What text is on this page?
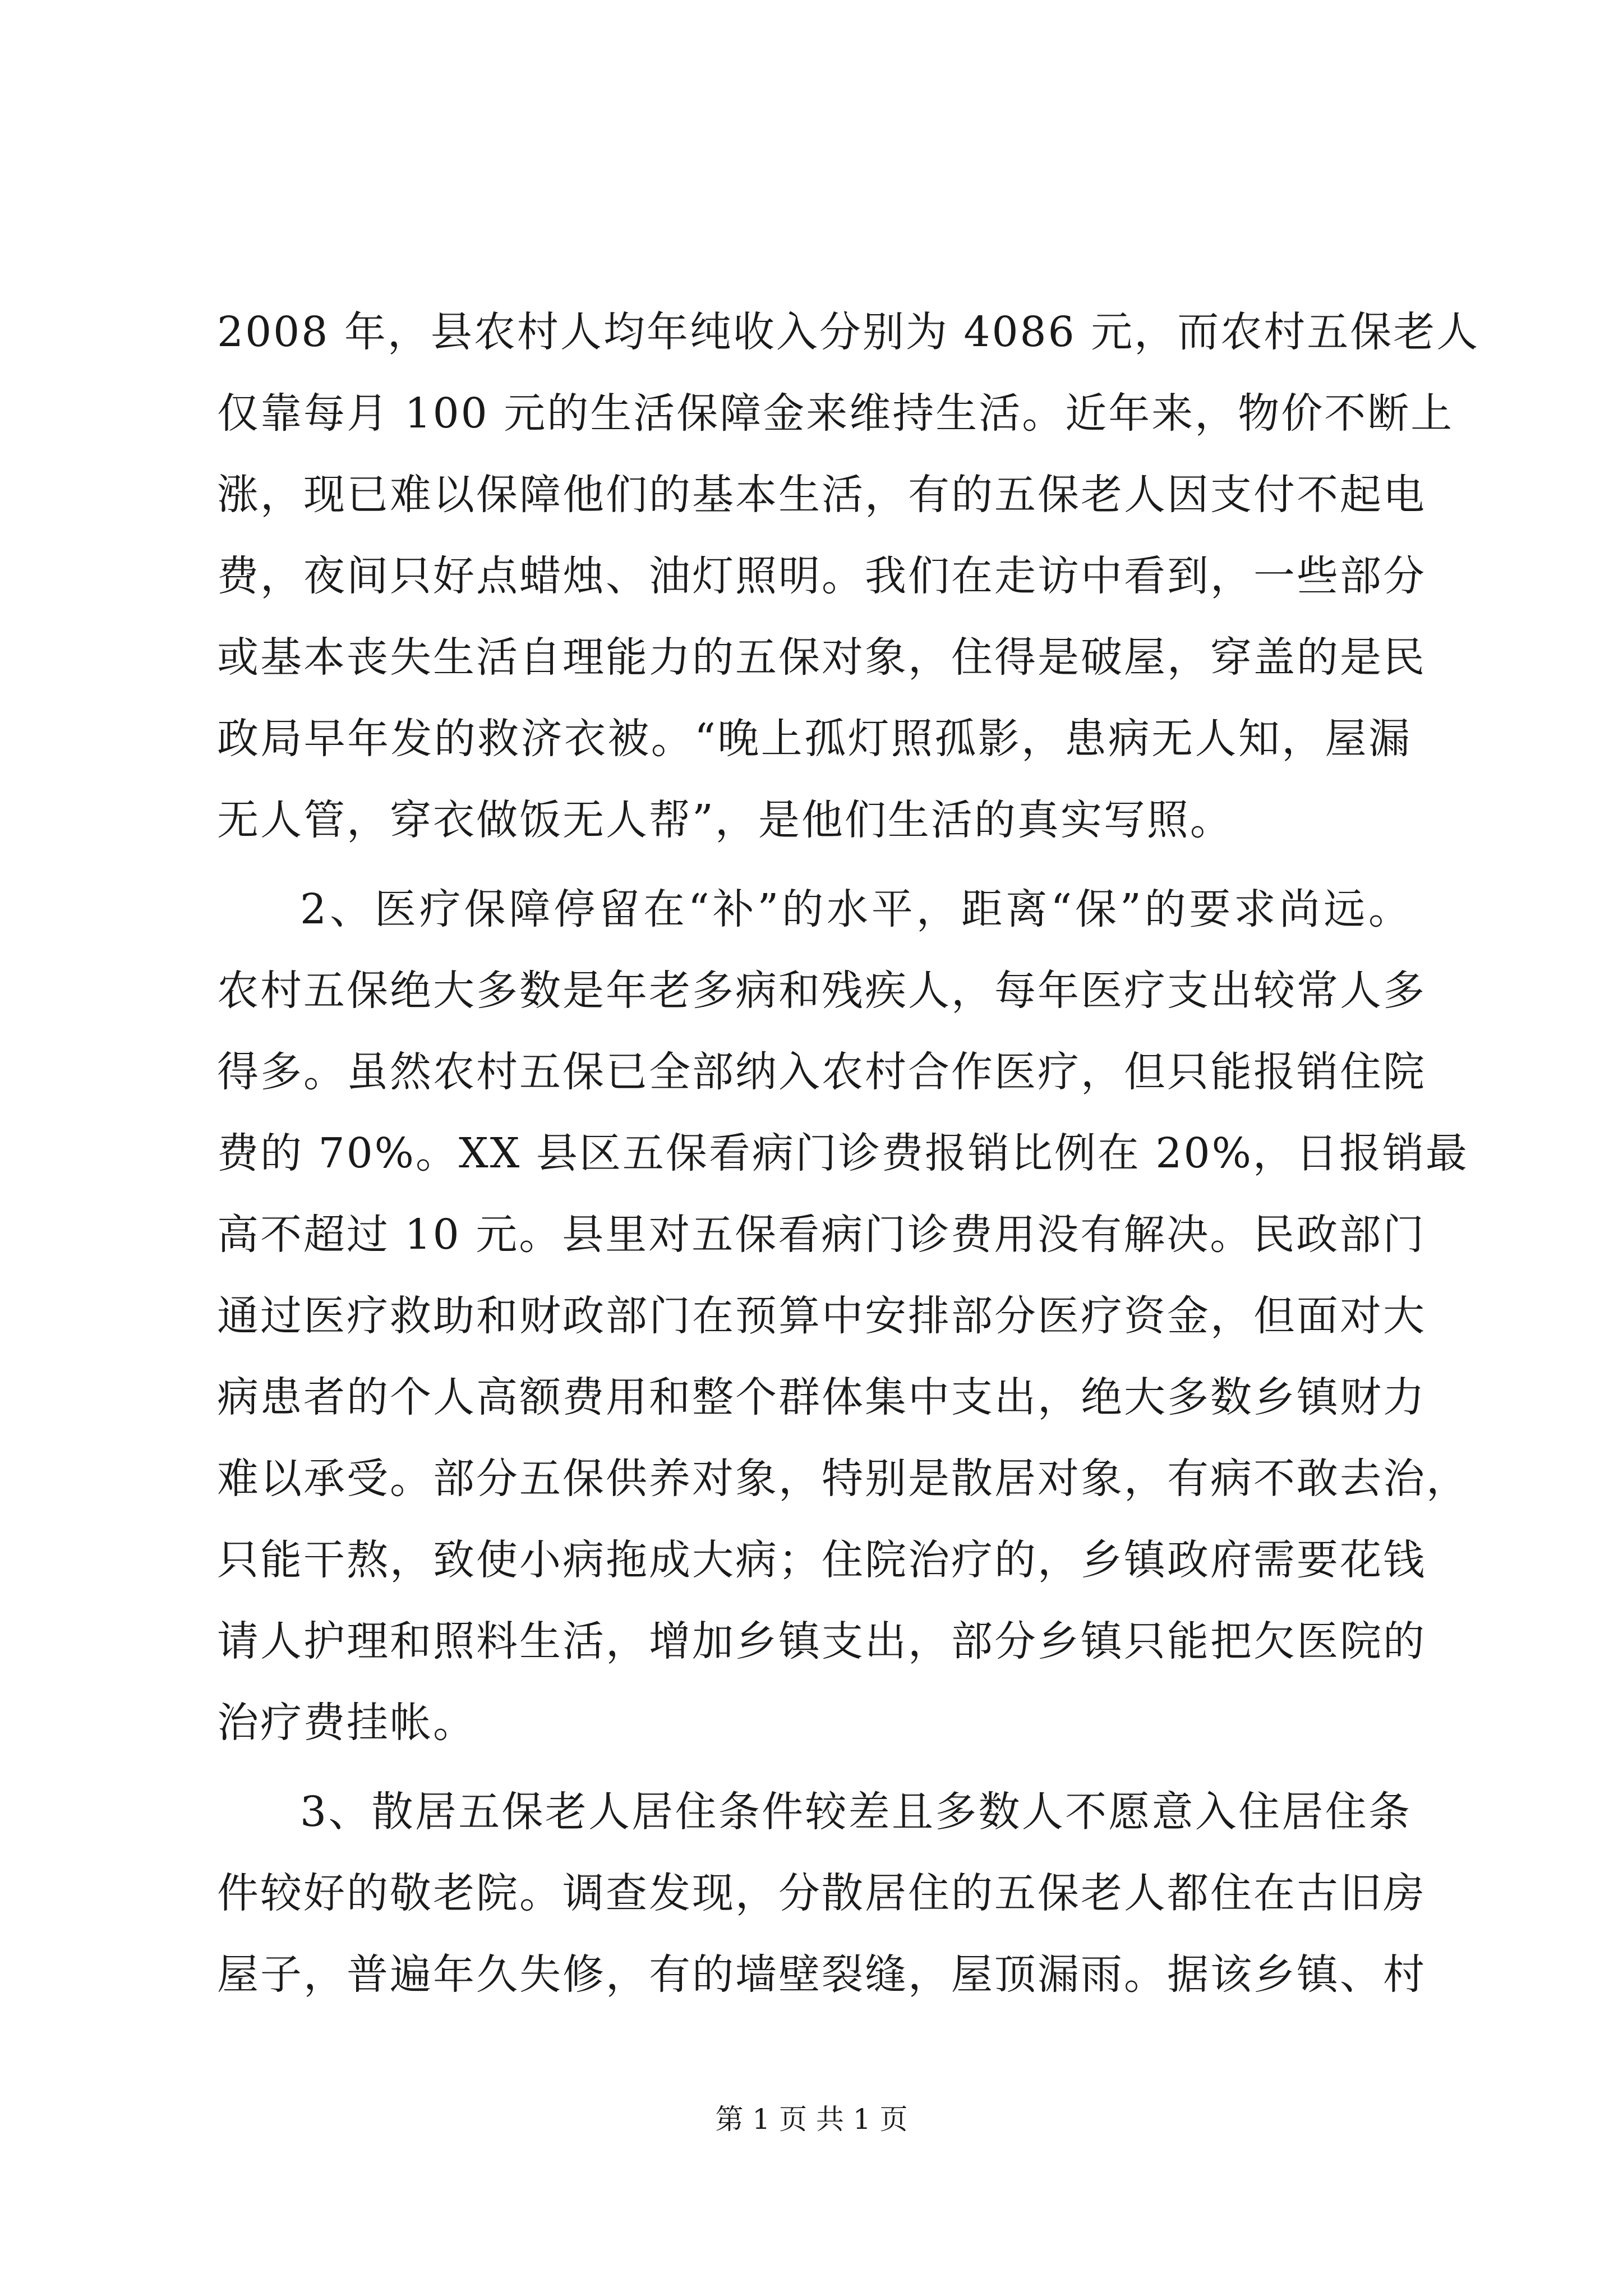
2008 年，县农村人均年纯收入分别为 4086 元，而农村五保老人
仅靠每月 100 元的生活保障金来维持生活。近年来，物价不断上
涨，现已难以保障他们的基本生活，有的五保老人因支付不起电
费，夜间只好点蜡烛、油灯照明。我们在走访中看到，一些部分
或基本丧失生活自理能力的五保对象，住得是破屋，穿盖的是民
政局早年发的救济衣被。“晚上孤灯照孤影，患病无人知，屋漏
无人管，穿衣做饭无人帮”，是他们生活的真实写照。
2、医疗保障停留在“补”的水平，距离“保”的要求尚远。
农村五保绝大多数是年老多病和残疾人，每年医疗支出较常人多
得多。虽然农村五保已全部纳入农村合作医疗，但只能报销住院
费的 70%。XX 县区五保看病门诊费报销比例在 20%，日报销最
高不超过 10 元。县里对五保看病门诊费用没有解决。民政部门
通过医疗救助和财政部门在预算中安排部分医疗资金，但面对大
病患者的个人高额费用和整个群体集中支出，绝大多数乡镇财力
难以承受。部分五保供养对象，特别是散居对象，有病不敢去治，
只能干熬，致使小病拖成大病；住院治疗的，乡镇政府需要花钱
请人护理和照料生活，增加乡镇支出，部分乡镇只能把欠医院的
治疗费挂帐。
3、散居五保老人居住条件较差且多数人不愿意入住居住条
件较好的敬老院。调查发现，分散居住的五保老人都住在古旧房
屋子，普遍年久失修，有的墙壁裂缝，屋顶漏雨。据该乡镇、村
第 1 页 共 1 页
